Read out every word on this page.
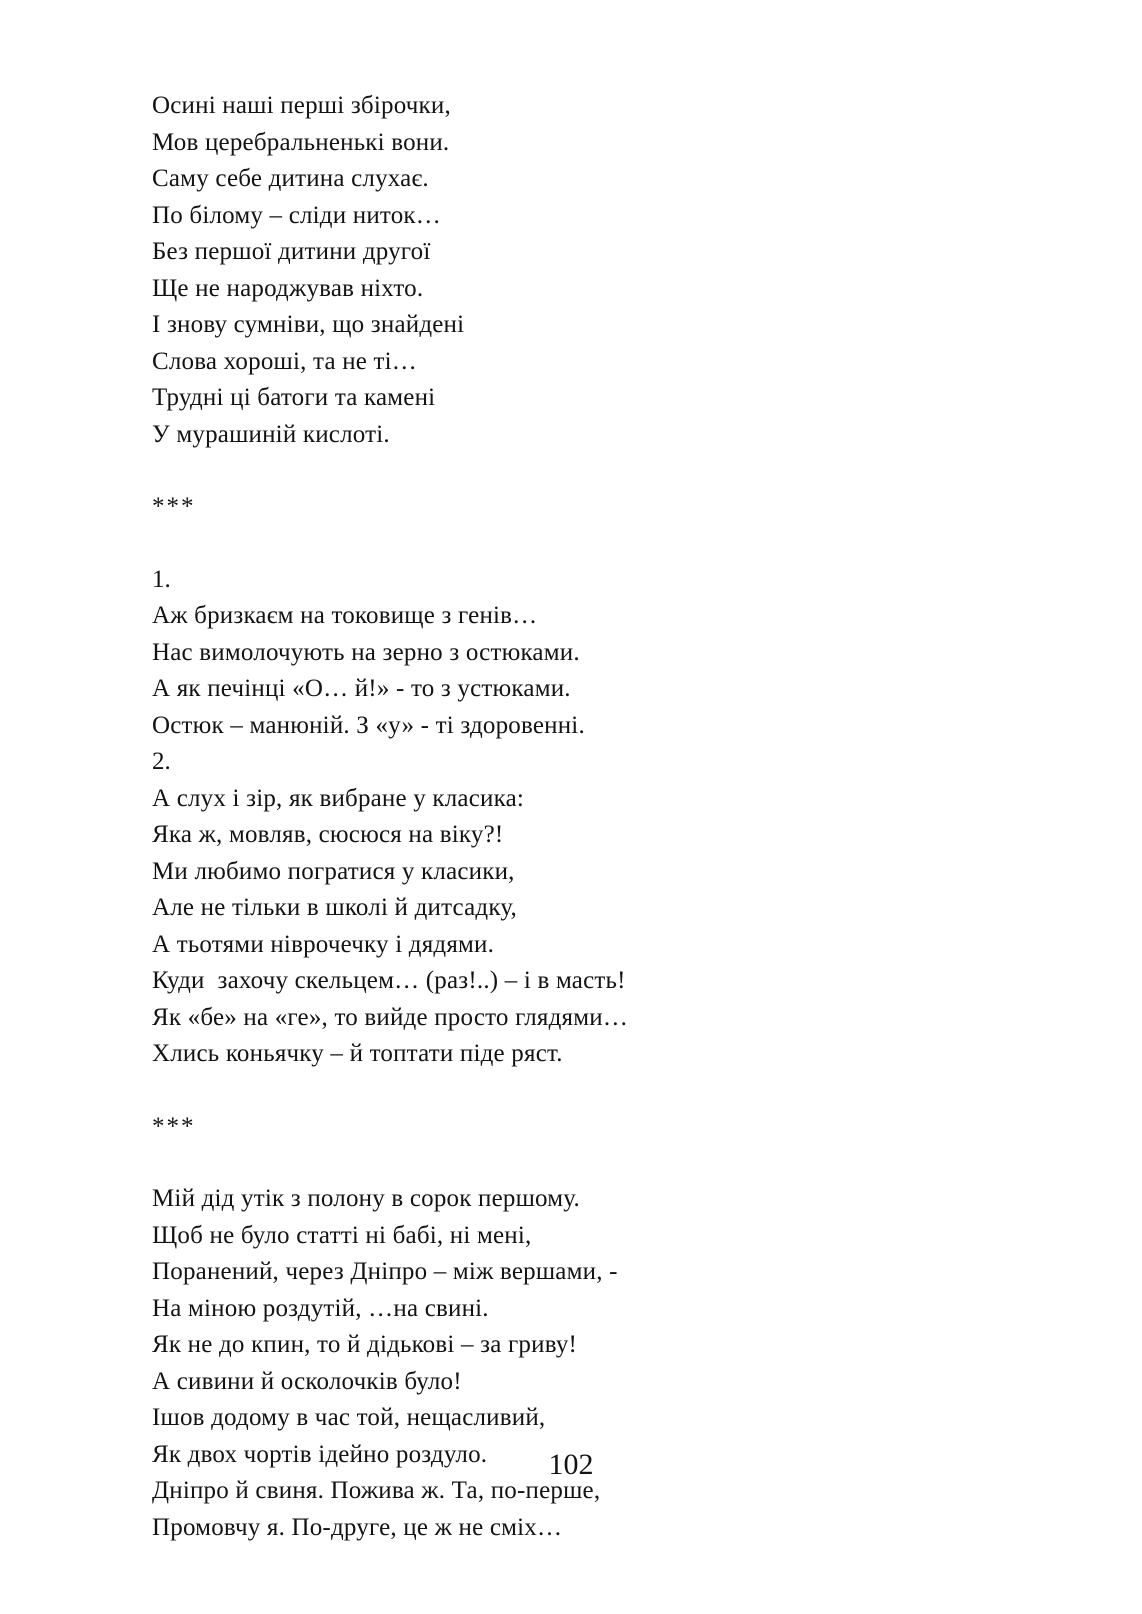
Осині наші перші збірочки,
Мов церебральненькі вони.
Саму себе дитина слухає.
По білому – сліди ниток…
Без першої дитини другої
Ще не народжував ніхто.
І знову сумніви, що знайдені
Слова хороші, та не ті…
Трудні ці батоги та камені
У мурашиній кислоті.
***
1.
Аж бризкаєм на токовище з генів…
Нас вимолочують на зерно з остюками.
А як печінці «О… й!» - то з устюками.
Остюк – манюній. З «у» - ті здоровенні.
2.
А слух і зір, як вибране у класика:
Яка ж, мовляв, сюсюся на віку?!
Ми любимо погратися у класики,
Але не тільки в школі й дитсадку,
А тьотями ніврочечку і дядями.
Куди  захочу скельцем… (раз!..) – і в масть!
Як «бе» на «ге», то вийде просто глядями…
Хлись коньячку – й топтати піде ряст.
***
Мій дід утік з полону в сорок першому.
Щоб не було статті ні бабі, ні мені,
Поранений, через Дніпро – між вершами, -
На міною роздутій, …на свині.
Як не до кпин, то й дідькові – за гриву!
А сивини й осколочків було!
Ішов додому в час той, нещасливий,
Як двох чортів ідейно роздуло.
Дніпро й свиня. Пожива ж. Та, по-перше,
Промовчу я. По-друге, це ж не сміх…
102
